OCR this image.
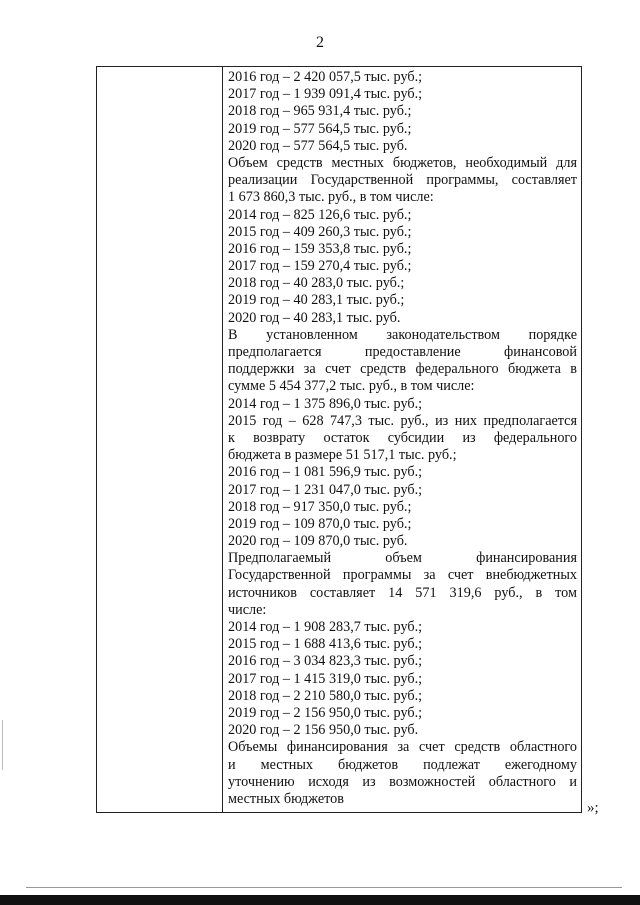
2
2016 год – 2 420 057,5 тыс. руб.;
2017 год – 1 939 091,4 тыс. руб.;
2018 год – 965 931,4 тыс. руб.;
2019 год – 577 564,5 тыс. руб.;
2020 год – 577 564,5 тыс. руб.
Объем средств местных бюджетов, необходимый для
реализации Государственной программы, составляет
1 673 860,3 тыс. руб., в том числе:
2014 год – 825 126,6 тыс. руб.;
2015 год – 409 260,3 тыс. руб.;
2016 год – 159 353,8 тыс. руб.;
2017 год – 159 270,4 тыс. руб.;
2018 год – 40 283,0 тыс. руб.;
2019 год – 40 283,1 тыс. руб.;
2020 год – 40 283,1 тыс. руб.
В установленном законодательством порядке
предполагается предоставление финансовой
поддержки за счет средств федерального бюджета в
сумме 5 454 377,2 тыс. руб., в том числе:
2014 год – 1 375 896,0 тыс. руб.;
2015 год – 628 747,3 тыс. руб., из них предполагается
к возврату остаток субсидии из федерального
бюджета в размере 51 517,1 тыс. руб.;
2016 год – 1 081 596,9 тыс. руб.;
2017 год – 1 231 047,0 тыс. руб.;
2018 год – 917 350,0 тыс. руб.;
2019 год – 109 870,0 тыс. руб.;
2020 год – 109 870,0 тыс. руб.
Предполагаемый объем финансирования
Государственной программы за счет внебюджетных
источников составляет 14 571 319,6 руб., в том
числе:
2014 год – 1 908 283,7 тыс. руб.;
2015 год – 1 688 413,6 тыс. руб.;
2016 год – 3 034 823,3 тыс. руб.;
2017 год – 1 415 319,0 тыс. руб.;
2018 год – 2 210 580,0 тыс. руб.;
2019 год – 2 156 950,0 тыс. руб.;
2020 год – 2 156 950,0 тыс. руб.
Объемы финансирования за счет средств областного
и местных бюджетов подлежат ежегодному
уточнению исходя из возможностей областного и
местных бюджетов
»;
